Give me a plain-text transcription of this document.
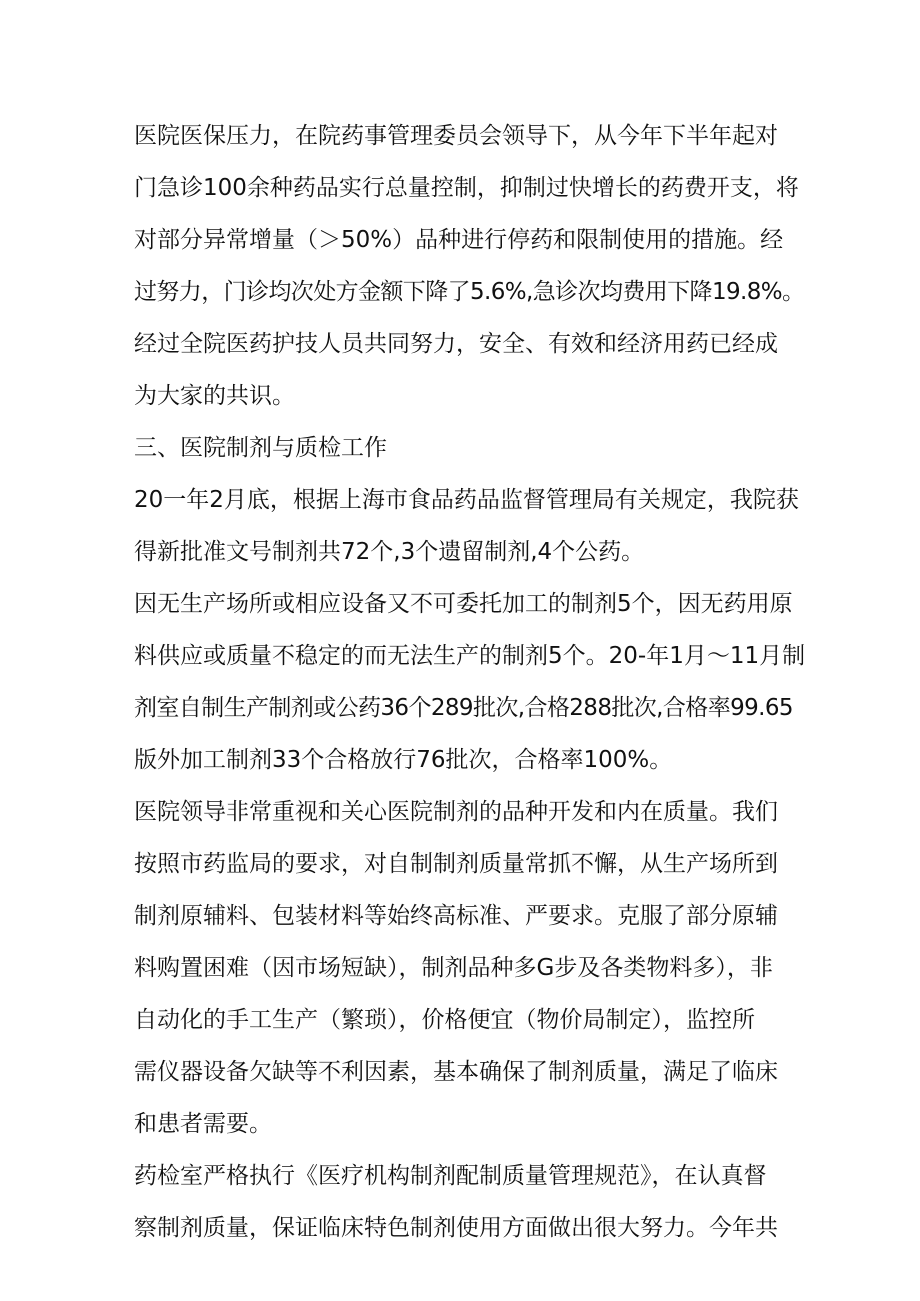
医院医保压力，在院药事管理委员会领导下，从今年下半年起对
门急诊100余种药品实行总量控制，抑制过快增长的药费开支，将
对部分异常增量（＞50%）品种进行停药和限制使用的措施。经
过努力，门诊均次处方金额下降了5.6%,急诊次均费用下降19.8%。
经过全院医药护技人员共同努力，安全、有效和经济用药已经成
为大家的共识。
三、医院制剂与质检工作
20一年2月底，根据上海市食品药品监督管理局有关规定，我院获
得新批准文号制剂共72个,3个遗留制剂,4个公药。
因无生产场所或相应设备又不可委托加工的制剂5个，因无药用原
料供应或质量不稳定的而无法生产的制剂5个。20-年1月〜11月制
剂室自制生产制剂或公药36个289批次,合格288批次,合格率99.65
版外加工制剂33个合格放行76批次，合格率100%。
医院领导非常重视和关心医院制剂的品种开发和内在质量。我们
按照市药监局的要求，对自制制剂质量常抓不懈，从生产场所到
制剂原辅料、包装材料等始终高标准、严要求。克服了部分原辅
料购置困难（因市场短缺），制剂品种多G步及各类物料多），非
自动化的手工生产（繁琐），价格便宜（物价局制定），监控所
需仪器设备欠缺等不利因素，基本确保了制剂质量，满足了临床
和患者需要。
药检室严格执行《医疗机构制剂配制质量管理规范》，在认真督
察制剂质量，保证临床特色制剂使用方面做出很大努力。今年共
